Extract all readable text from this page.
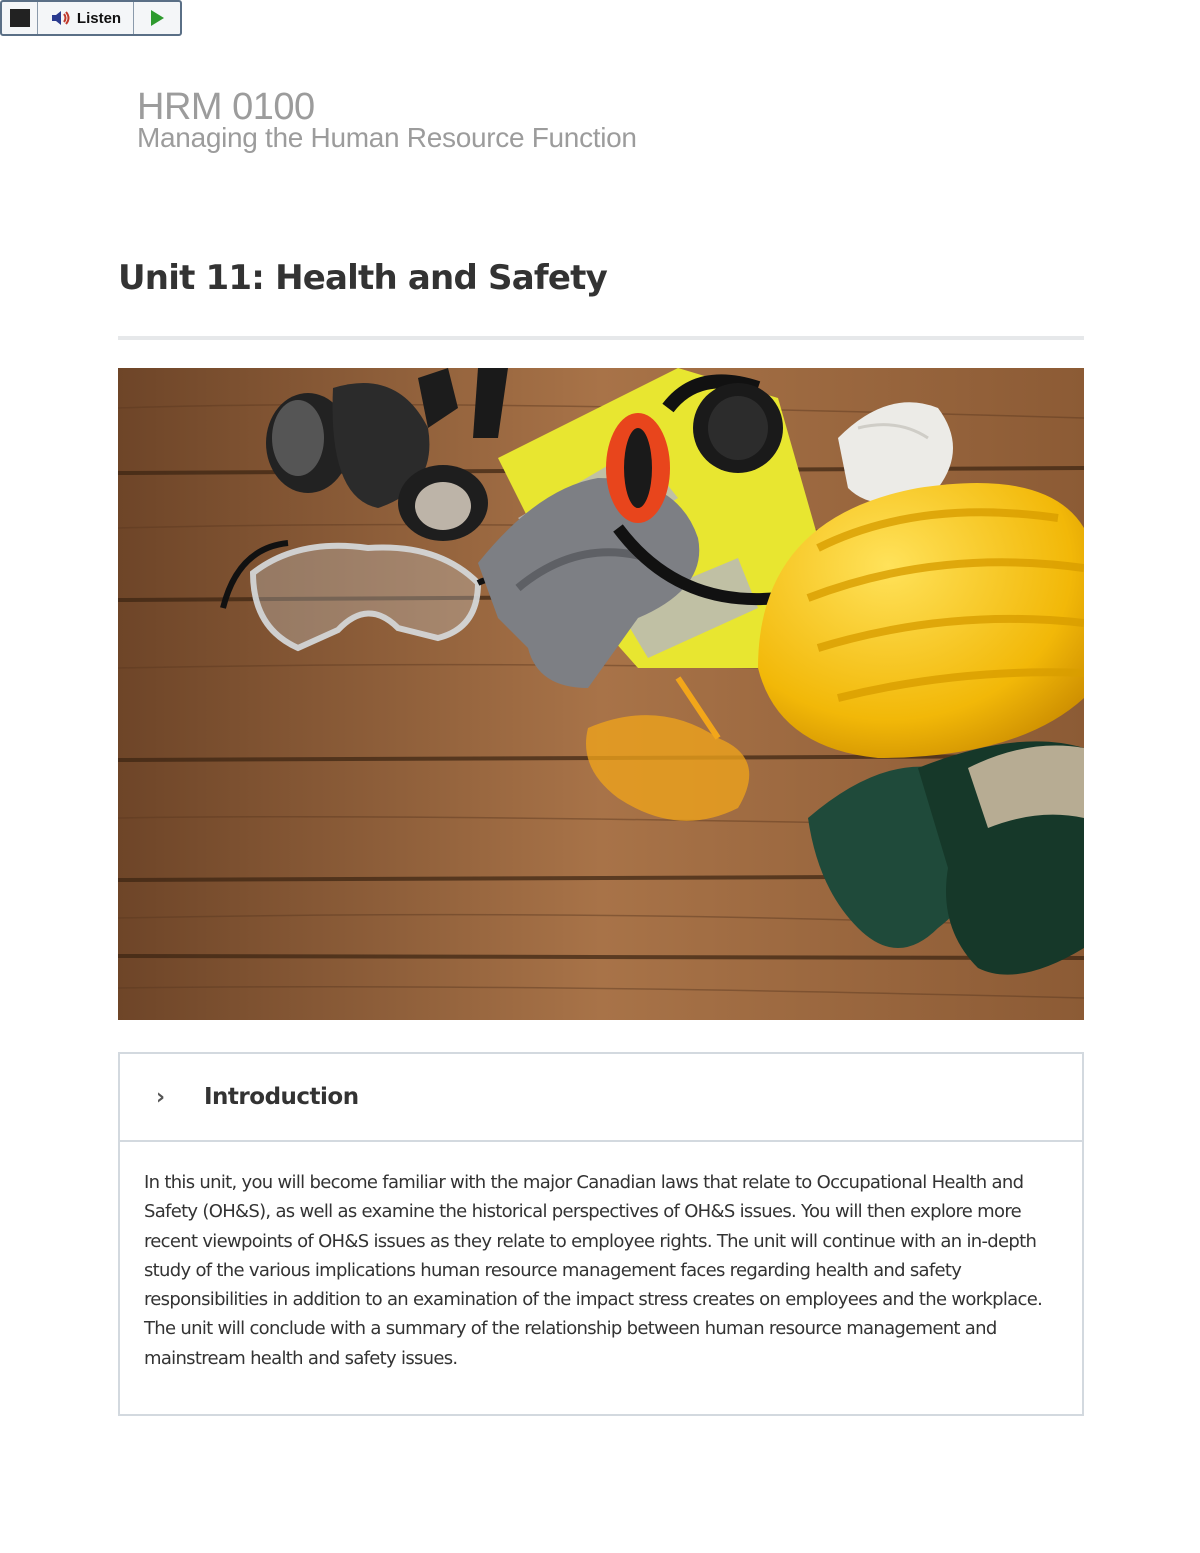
Listen
HRM 0100
Managing the Human Resource Function
Unit 11: Health and Safety
›	Introduction
In this unit, you will become familiar with the major Canadian laws that relate to Occupational Health and Safety (OH&S), as well as examine the historical perspectives of OH&S issues. You will then explore more recent viewpoints of OH&S issues as they relate to employee rights. The unit will continue with an in-depth study of the various implications human resource management faces regarding health and safety responsibilities in addition to an examination of the impact stress creates on employees and the workplace. The unit will conclude with a summary of the relationship between human resource management and mainstream health and safety issues.
